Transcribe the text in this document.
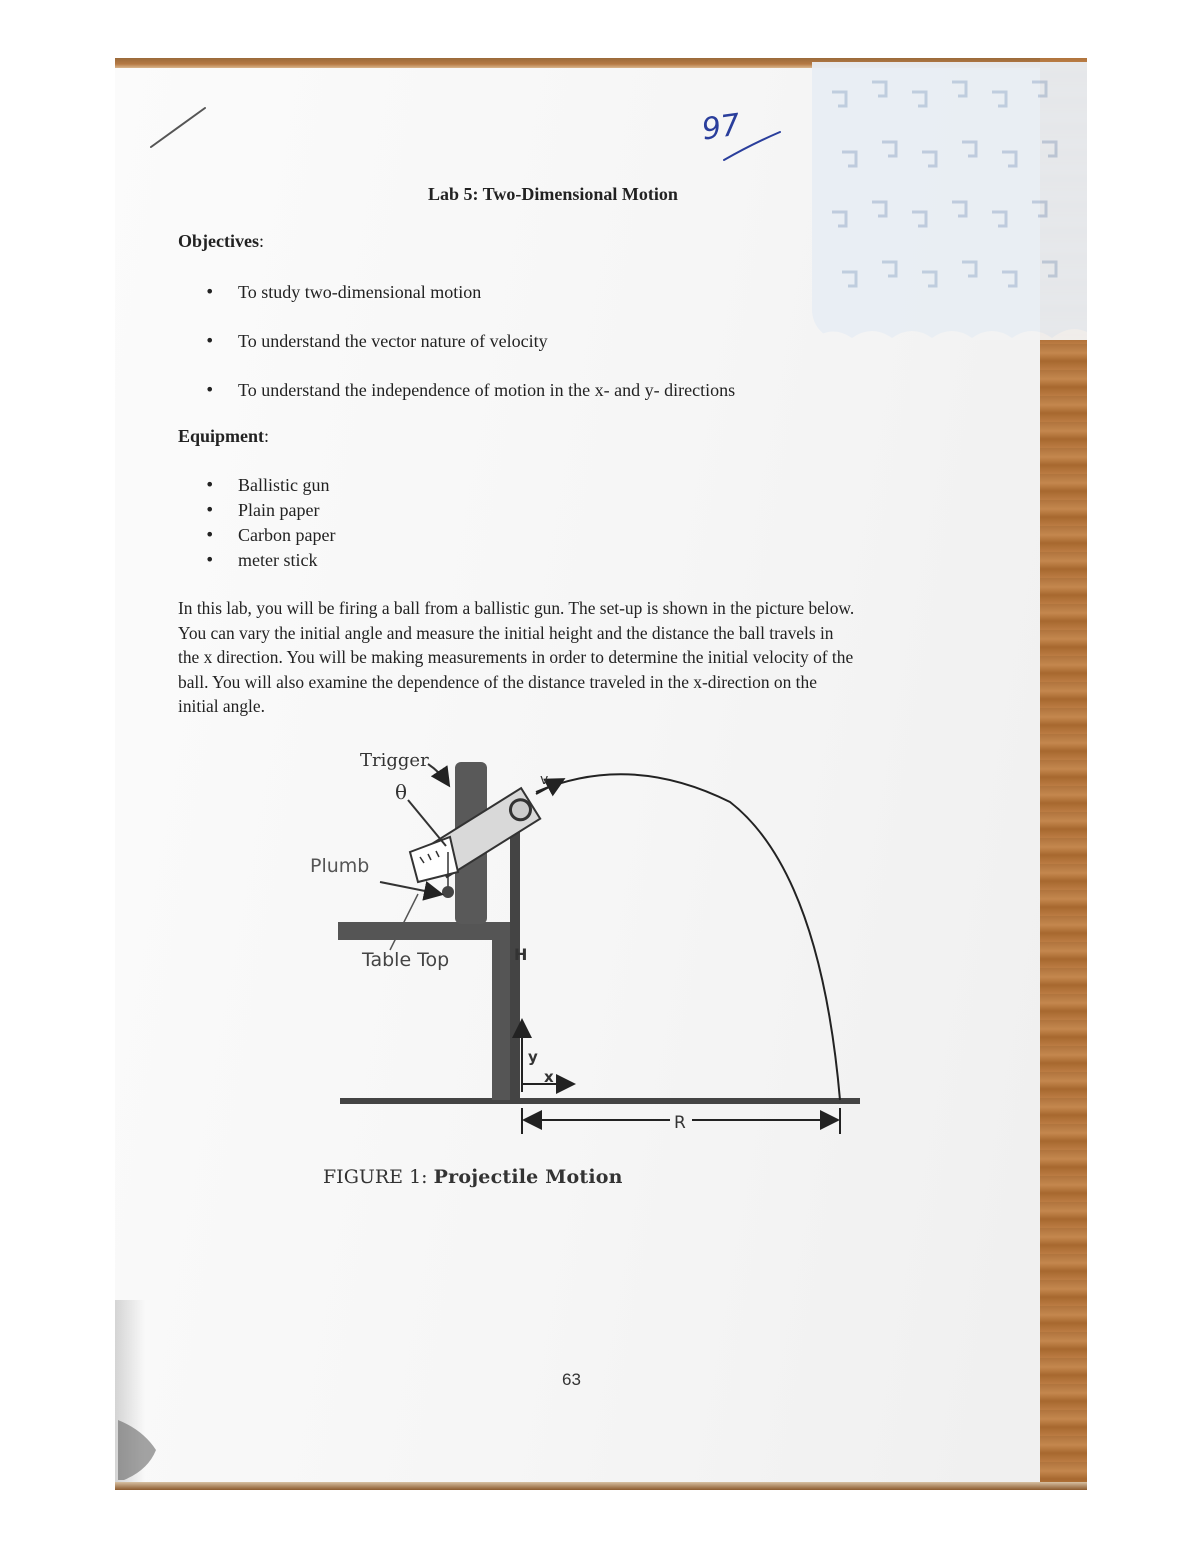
97
Lab 5: Two-Dimensional Motion
Objectives:
• To study two-dimensional motion
• To understand the vector nature of velocity
• To understand the independence of motion in the x- and y- directions
Equipment:
• Ballistic gun
• Plain paper
• Carbon paper
• meter stick

In this lab, you will be firing a ball from a ballistic gun. The set-up is shown in the picture below.
You can vary the initial angle and measure the initial height and the distance the ball travels in
the x direction. You will be making measurements in order to determine the initial velocity of the
ball. You will also examine the dependence of the distance traveled in the x-direction on the
initial angle.

Trigger
θ
Plumb
Table Top	H
y
x
v
R
FIGURE 1: Projectile Motion
63
